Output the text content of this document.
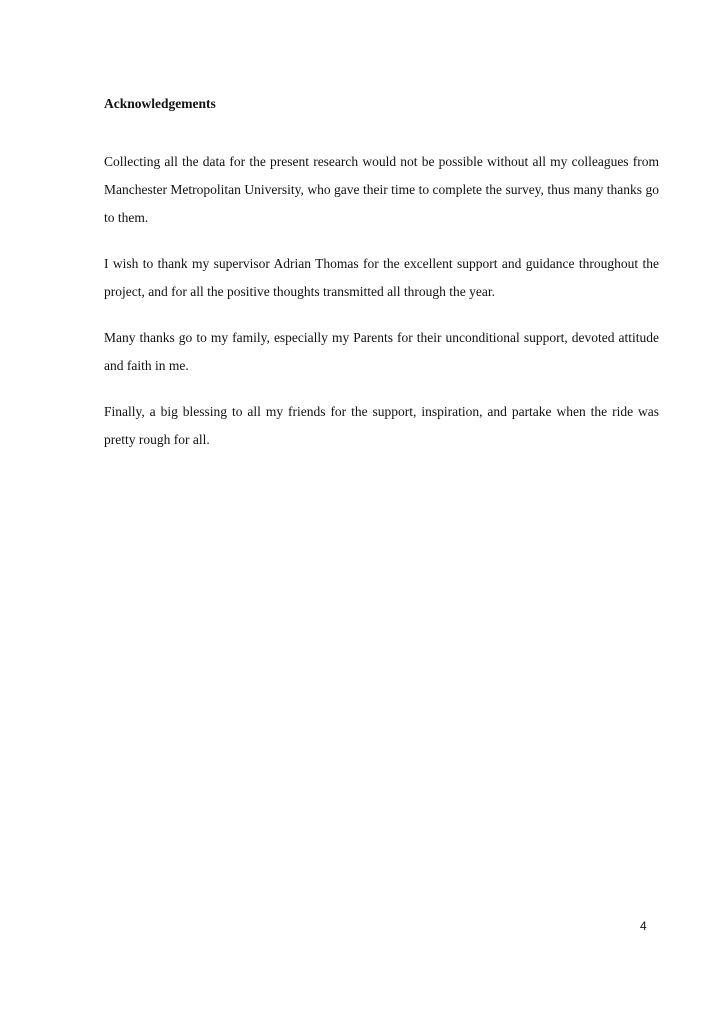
Acknowledgements

Collecting all the data for the present research would not be possible without all my colleagues from Manchester Metropolitan University, who gave their time to complete the survey, thus many thanks go to them.

I wish to thank my supervisor Adrian Thomas for the excellent support and guidance throughout the project, and for all the positive thoughts transmitted all through the year.

Many thanks go to my family, especially my Parents for their unconditional support, devoted attitude and faith in me.

Finally, a big blessing to all my friends for the support, inspiration, and partake when the ride was pretty rough for all.

4
